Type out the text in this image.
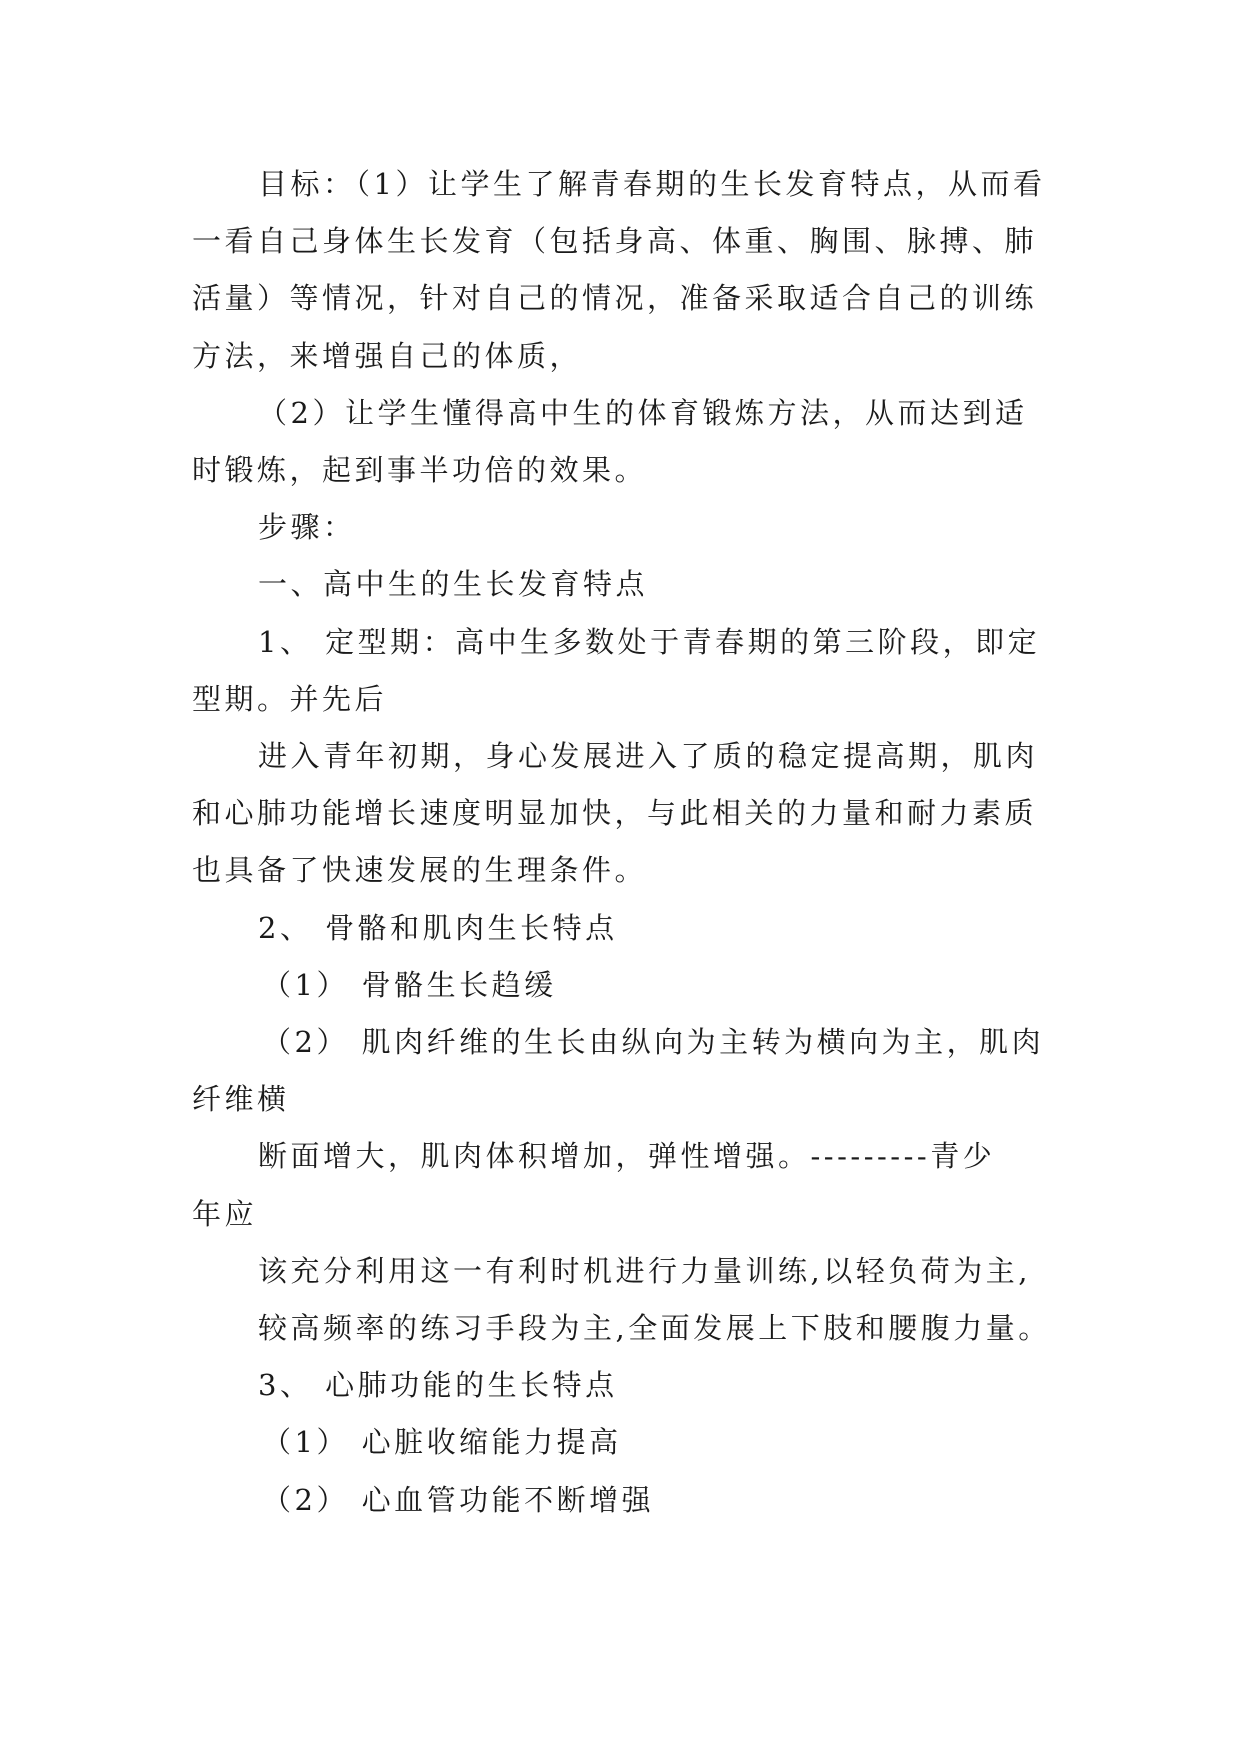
目标：（1）让学生了解青春期的生长发育特点，从而看
一看自己身体生长发育（包括身高、体重、胸围、脉搏、肺
活量）等情况，针对自己的情况，准备采取适合自己的训练
方法，来增强自己的体质，
（2）让学生懂得高中生的体育锻炼方法，从而达到适
时锻炼，起到事半功倍的效果。
步骤：
一、高中生的生长发育特点
1、 定型期：高中生多数处于青春期的第三阶段，即定
型期。并先后
进入青年初期，身心发展进入了质的稳定提高期，肌肉
和心肺功能增长速度明显加快，与此相关的力量和耐力素质
也具备了快速发展的生理条件。
2、 骨骼和肌肉生长特点
（1） 骨骼生长趋缓
（2） 肌肉纤维的生长由纵向为主转为横向为主，肌肉
纤维横
断面增大，肌肉体积增加，弹性增强。---------青少
年应
该充分利用这一有利时机进行力量训练,以轻负荷为主,
较高频率的练习手段为主,全面发展上下肢和腰腹力量。
3、 心肺功能的生长特点
（1） 心脏收缩能力提高
（2） 心血管功能不断增强
